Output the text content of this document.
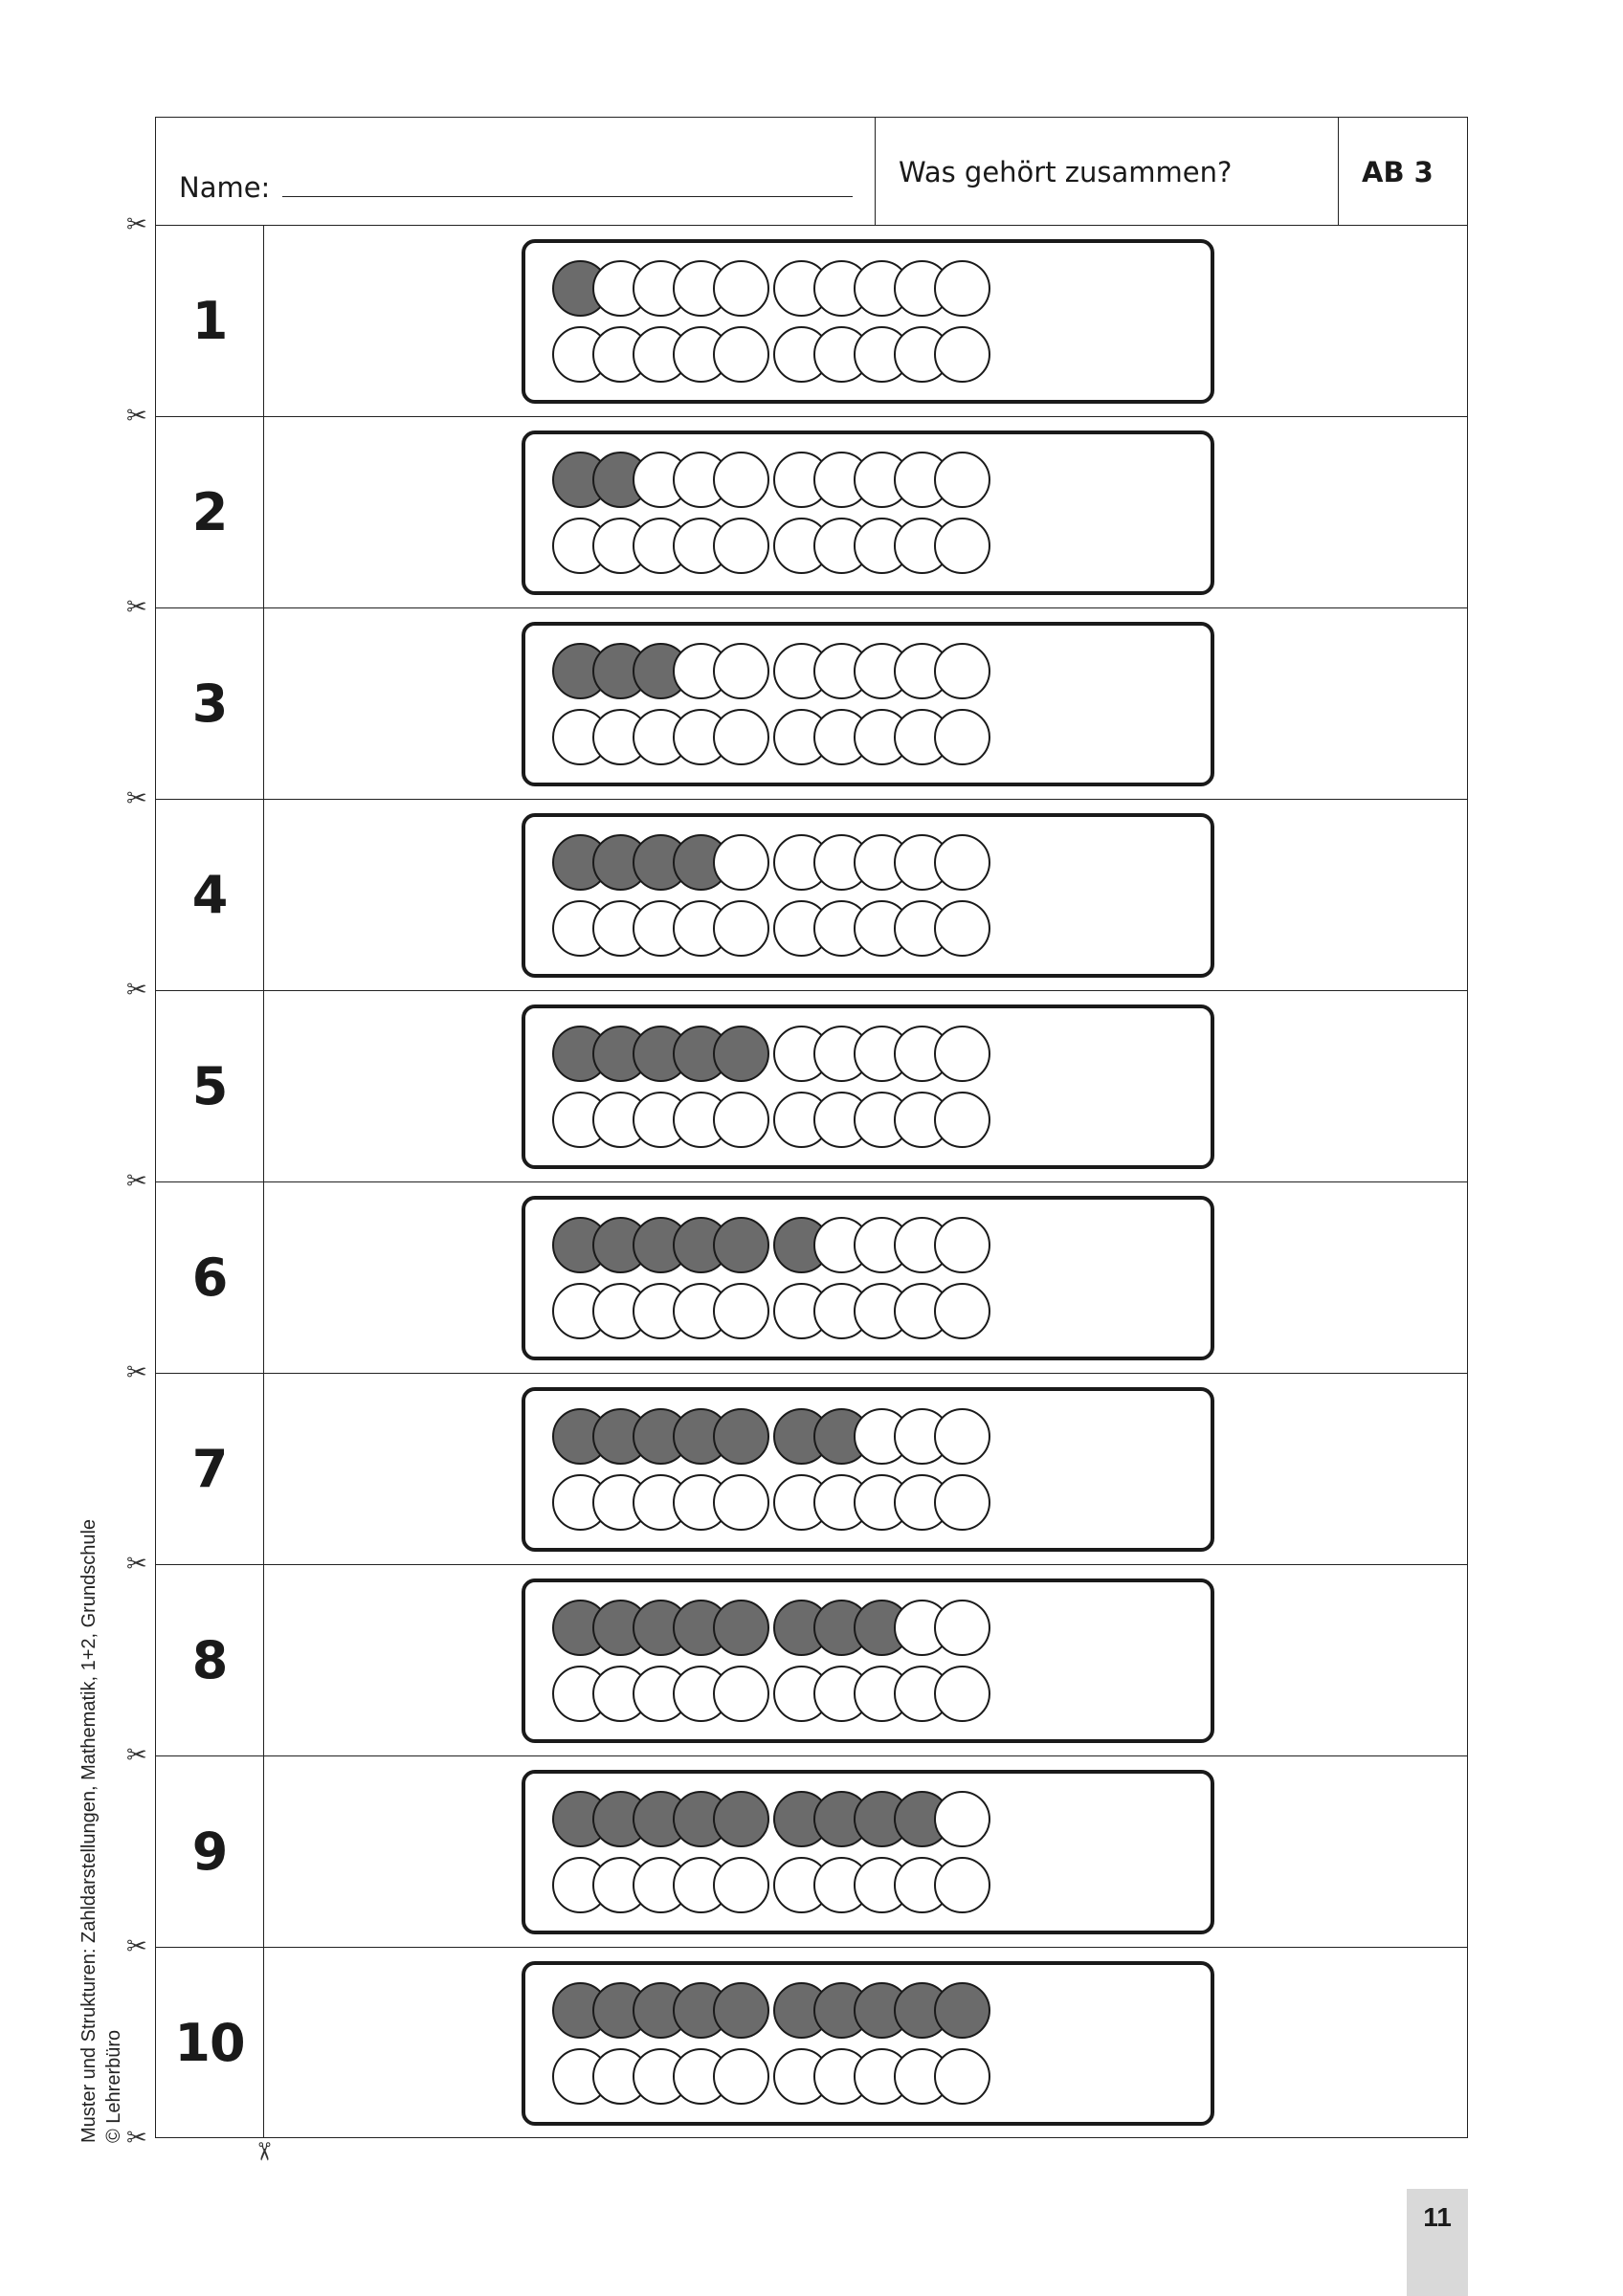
Name:	Was gehört zusammen?	AB 3
1
2
3
4
5
6
7
8
9
10
✂
✂
✂
✂
✂
✂
✂
✂
✂
✂
✂	✂
Muster und Strukturen: Zahldarstellungen, Mathematik, 1+2, Grundschule © Lehrerbüro
11
